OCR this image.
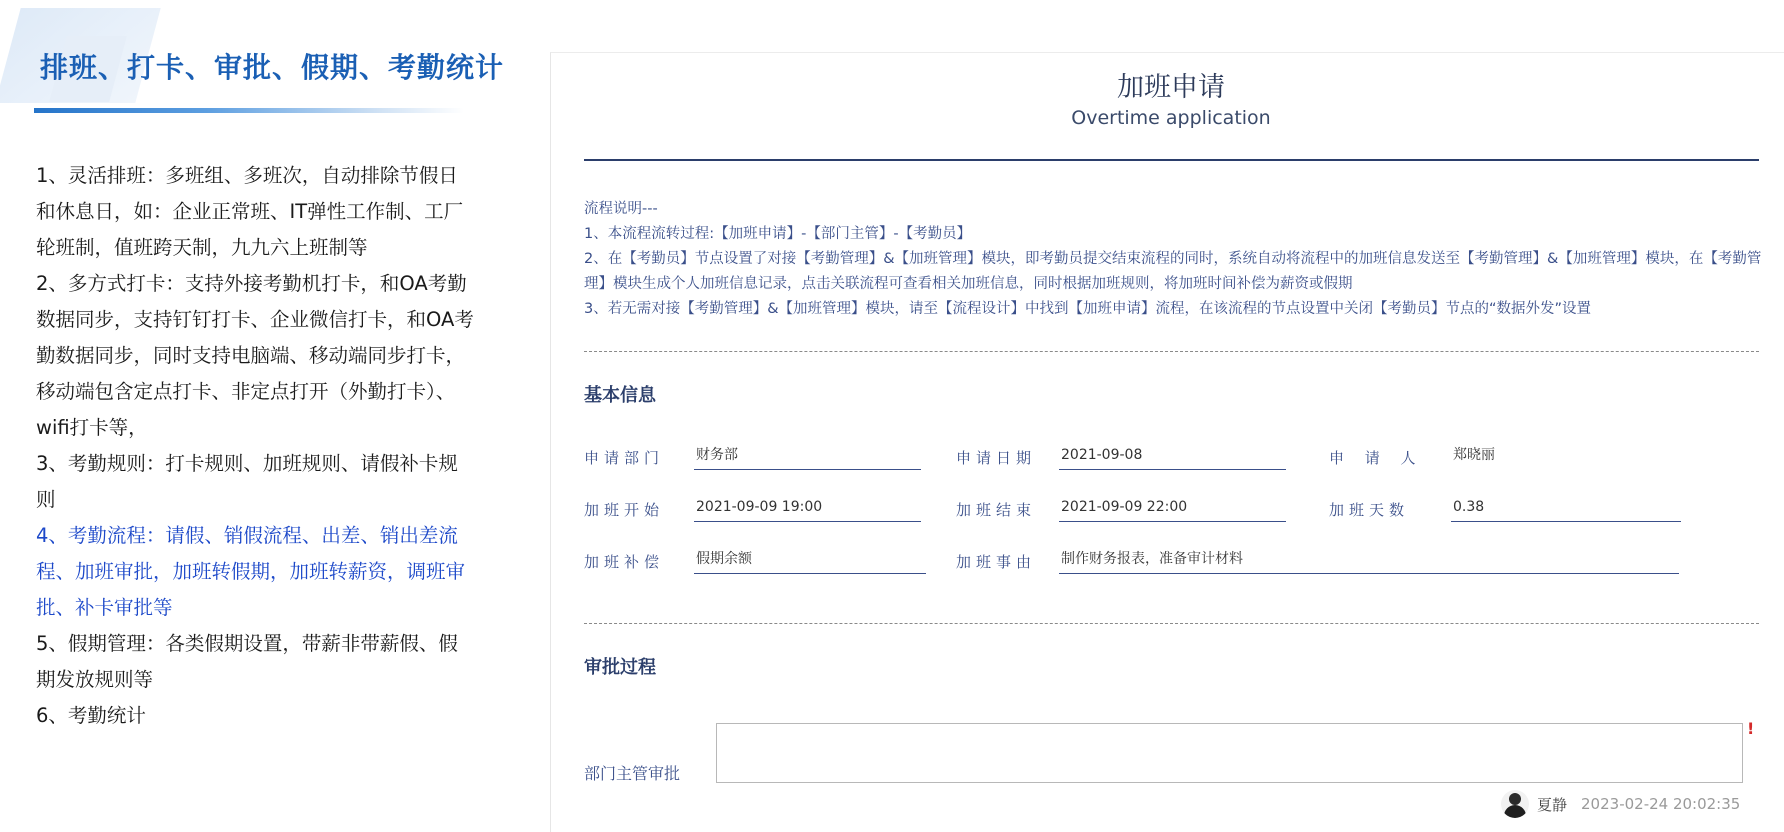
排班、打卡、审批、假期、考勤统计

1、灵活排班：多班组、多班次，自动排除节假日和休息日，如：企业正常班、IT弹性工作制、工厂轮班制，值班跨天制，九九六上班制等

2、多方式打卡：支持外接考勤机打卡，和OA考勤数据同步，支持钉钉打卡、企业微信打卡，和OA考勤数据同步，同时支持电脑端、移动端同步打卡，移动端包含定点打卡、非定点打开（外勤打卡）、wifi打卡等，

3、考勤规则：打卡规则、加班规则、请假补卡规则

4、考勤流程：请假、销假流程、出差、销出差流程、加班审批，加班转假期，加班转薪资，调班审批、补卡审批等

5、假期管理：各类假期设置，带薪非带薪假、假期发放规则等

6、考勤统计

加班申请
Overtime application
流程说明---
1、本流程流转过程:【加班申请】-【部门主管】-【考勤员】
2、在【考勤员】节点设置了对接【考勤管理】&【加班管理】模块，即考勤员提交结束流程的同时，系统自动将流程中的加班信息发送至【考勤管理】&【加班管理】模块，在【考勤管理】模块生成个人加班信息记录，点击关联流程可查看相关加班信息，同时根据加班规则，将加班时间补偿为薪资或假期
3、若无需对接【考勤管理】&【加班管理】模块，请至【流程设计】中找到【加班申请】流程，在该流程的节点设置中关闭【考勤员】节点的“数据外发”设置
基本信息
申请部门 财务部	申请日期 2021-09-08	申 请 人 郑晓丽
加班开始 2021-09-09 19:00	加班结束 2021-09-09 22:00	加班天数	0.38
加班补偿 假期余额	加班事由 制作财务报表，准备审计材料
审批过程
!
部门主管审批
夏静 2023-02-24 20:02:35
